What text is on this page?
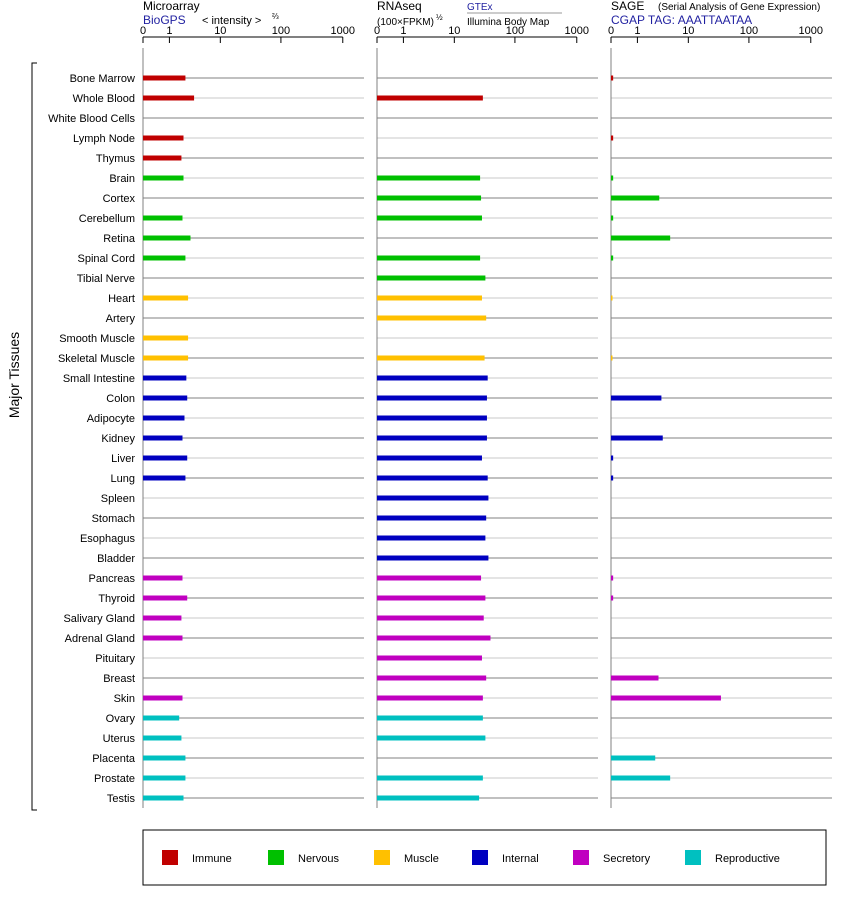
Major Tissues
Bone Marrow
Whole Blood
White Blood Cells
Lymph Node
Thymus
Brain
Cortex
Cerebellum
Retina
Spinal Cord
Tibial Nerve
Heart
Artery
Smooth Muscle
Skeletal Muscle
Small Intestine
Colon
Adipocyte
Kidney
Liver
Lung
Spleen
Stomach
Esophagus
Bladder
Pancreas
Thyroid
Salivary Gland
Adrenal Gland
Pituitary
Breast
Skin
Ovary
Uterus
Placenta
Prostate
Testis
0 1	10	100	1000 0 1	10	100	1000 0 1	10	100	1000
Microarray
BioGPS < intensity > ⅔
RNAseq
(100×FPKM) ½
GTEx
Illumina Body Map
SAGE (Serial Analysis of Gene Expression)
CGAP TAG: AAATTAATAA
Immune	Nervous	Muscle	Internal	Secretory	Reproductive
